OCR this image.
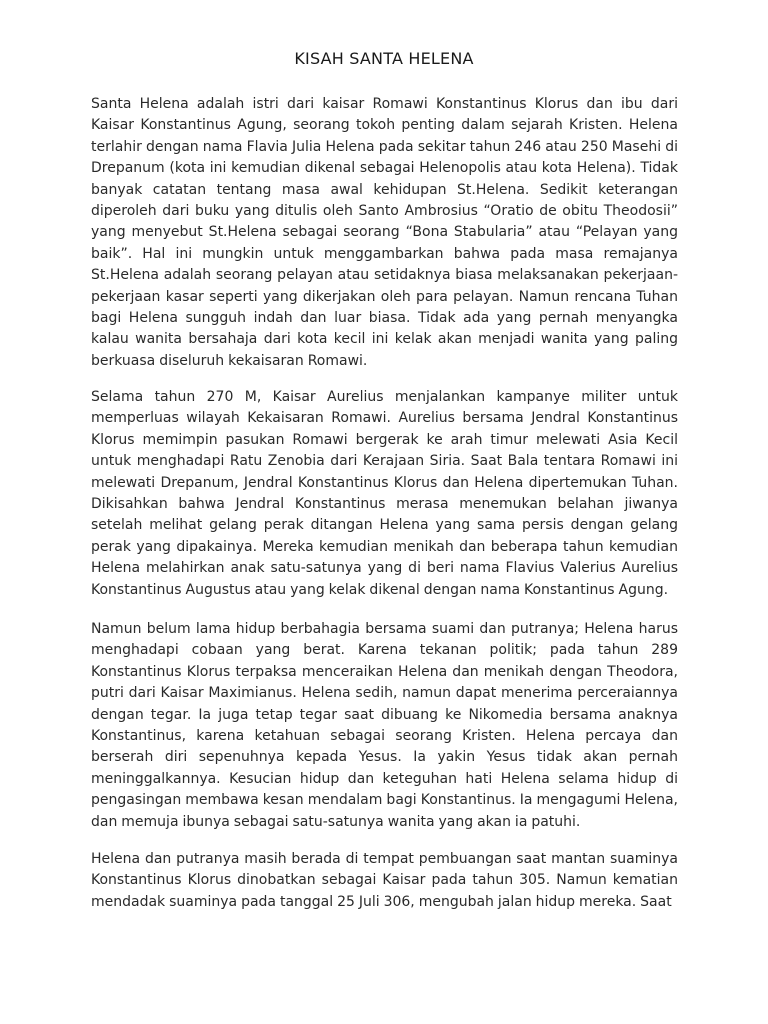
KISAH SANTA HELENA

Santa Helena adalah istri dari kaisar Romawi Konstantinus Klorus dan ibu dari Kaisar Konstantinus Agung, seorang tokoh penting dalam sejarah Kristen. Helena terlahir dengan nama Flavia Julia Helena pada sekitar tahun 246 atau 250 Masehi di Drepanum (kota ini kemudian dikenal sebagai Helenopolis atau kota Helena). Tidak banyak catatan tentang masa awal kehidupan St.Helena. Sedikit keterangan diperoleh dari buku yang ditulis oleh Santo Ambrosius “Oratio de obitu Theodosii” yang menyebut St.Helena sebagai seorang “Bona Stabularia” atau “Pelayan yang baik”. Hal ini mungkin untuk menggambarkan bahwa pada masa remajanya St.Helena adalah seorang pelayan atau setidaknya biasa melaksanakan pekerjaan-pekerjaan kasar seperti yang dikerjakan oleh para pelayan. Namun rencana Tuhan bagi Helena sungguh indah dan luar biasa. Tidak ada yang pernah menyangka kalau wanita bersahaja dari kota kecil ini kelak akan menjadi wanita yang paling berkuasa diseluruh kekaisaran Romawi.

Selama tahun 270 M, Kaisar Aurelius menjalankan kampanye militer untuk memperluas wilayah Kekaisaran Romawi. Aurelius bersama Jendral Konstantinus Klorus memimpin pasukan Romawi bergerak ke arah timur melewati Asia Kecil untuk menghadapi Ratu Zenobia dari Kerajaan Siria. Saat Bala tentara Romawi ini melewati Drepanum, Jendral Konstantinus Klorus dan Helena dipertemukan Tuhan. Dikisahkan bahwa Jendral Konstantinus merasa menemukan belahan jiwanya setelah melihat gelang perak ditangan Helena yang sama persis dengan gelang perak yang dipakainya. Mereka kemudian menikah dan beberapa tahun kemudian Helena melahirkan anak satu-satunya yang di beri nama Flavius Valerius Aurelius Konstantinus Augustus atau yang kelak dikenal dengan nama Konstantinus Agung.

Namun belum lama hidup berbahagia bersama suami dan putranya; Helena harus menghadapi cobaan yang berat. Karena tekanan politik; pada tahun 289 Konstantinus Klorus terpaksa menceraikan Helena dan menikah dengan Theodora, putri dari Kaisar Maximianus. Helena sedih, namun dapat menerima perceraiannya dengan tegar. Ia juga tetap tegar saat dibuang ke Nikomedia bersama anaknya Konstantinus, karena ketahuan sebagai seorang Kristen. Helena percaya dan berserah diri sepenuhnya kepada Yesus. Ia yakin Yesus tidak akan pernah meninggalkannya. Kesucian hidup dan keteguhan hati Helena selama hidup di pengasingan membawa kesan mendalam bagi Konstantinus. Ia mengagumi Helena, dan memuja ibunya sebagai satu-satunya wanita yang akan ia patuhi.

Helena dan putranya masih berada di tempat pembuangan saat mantan suaminya Konstantinus Klorus dinobatkan sebagai Kaisar pada tahun 305. Namun kematian mendadak suaminya pada tanggal 25 Juli 306, mengubah jalan hidup mereka. Saat
